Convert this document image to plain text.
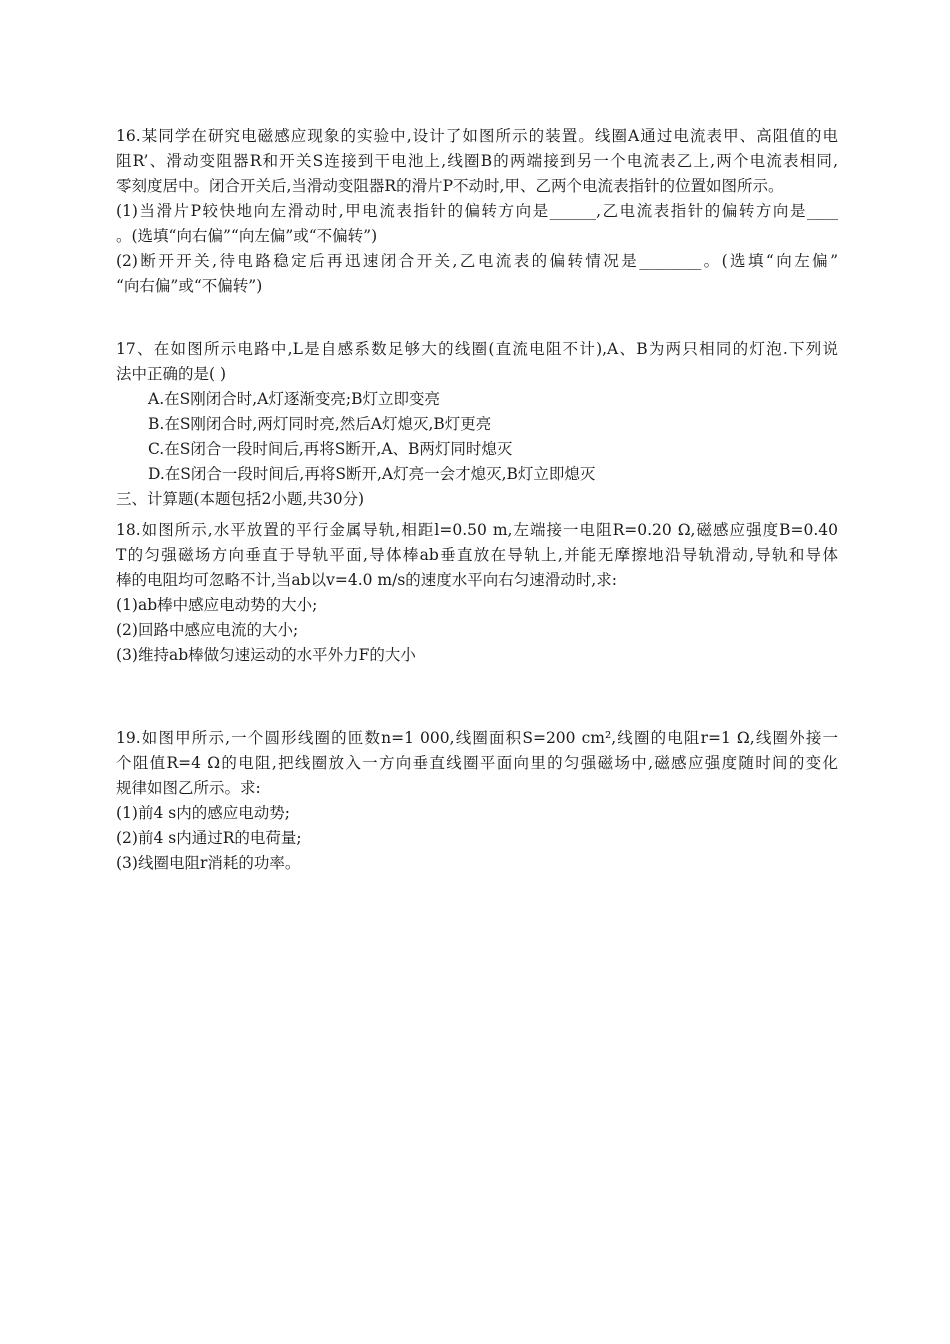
16.某同学在研究电磁感应现象的实验中,设计了如图所示的装置。线圈A通过电流表甲、高阻值的电
阻R’、滑动变阻器R和开关S连接到干电池上,线圈B的两端接到另一个电流表乙上,两个电流表相同,
零刻度居中。闭合开关后,当滑动变阻器R的滑片P不动时,甲、乙两个电流表指针的位置如图所示。
(1)当滑片P较快地向左滑动时,甲电流表指针的偏转方向是______,乙电流表指针的偏转方向是____
。(选填“向右偏”“向左偏”或“不偏转”)
(2)断开开关,待电路稳定后再迅速闭合开关,乙电流表的偏转情况是________。(选填“向左偏”
“向右偏”或“不偏转”)
17、在如图所示电路中,L是自感系数足够大的线圈(直流电阻不计),A、B为两只相同的灯泡.下列说
法中正确的是( )
A.在S刚闭合时,A灯逐渐变亮;B灯立即变亮
B.在S刚闭合时,两灯同时亮,然后A灯熄灭,B灯更亮
C.在S闭合一段时间后,再将S断开,A、B两灯同时熄灭
D.在S闭合一段时间后,再将S断开,A灯亮一会才熄灭,B灯立即熄灭
三、计算题(本题包括2小题,共30分)
18.如图所示,水平放置的平行金属导轨,相距l=0.50 m,左端接一电阻R=0.20 Ω,磁感应强度B=0.40
T的匀强磁场方向垂直于导轨平面,导体棒ab垂直放在导轨上,并能无摩擦地沿导轨滑动,导轨和导体
棒的电阻均可忽略不计,当ab以v=4.0 m/s的速度水平向右匀速滑动时,求:
(1)ab棒中感应电动势的大小;
(2)回路中感应电流的大小;
(3)维持ab棒做匀速运动的水平外力F的大小
19.如图甲所示,一个圆形线圈的匝数n=1 000,线圈面积S=200 cm²,线圈的电阻r=1 Ω,线圈外接一
个阻值R=4 Ω的电阻,把线圈放入一方向垂直线圈平面向里的匀强磁场中,磁感应强度随时间的变化
规律如图乙所示。求:
(1)前4 s内的感应电动势;
(2)前4 s内通过R的电荷量;
(3)线圈电阻r消耗的功率。
